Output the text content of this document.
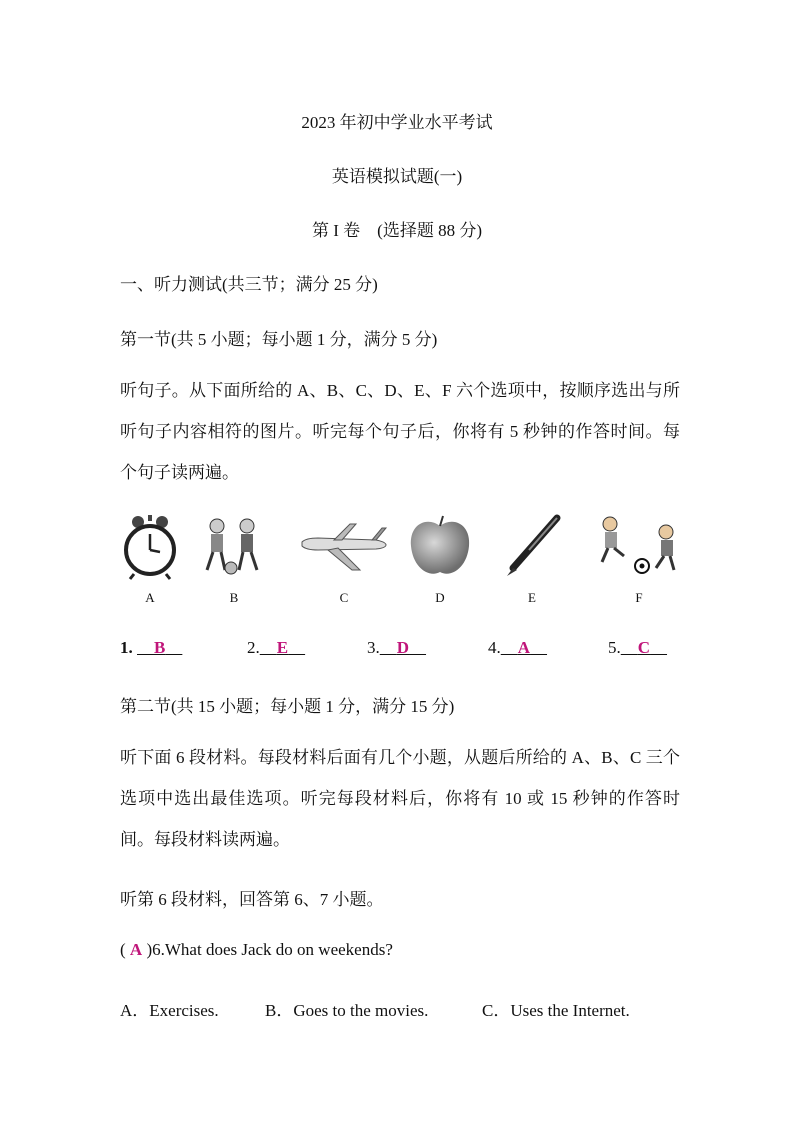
2023 年初中学业水平考试
英语模拟试题(一)
第 I 卷　(选择题 88 分)
一、听力测试(共三节；满分 25 分)
第一节(共 5 小题；每小题 1 分，满分 5 分)
听句子。从下面所给的 A、B、C、D、E、F 六个选项中，按顺序选出与所听句子内容相符的图片。听完每个句子后，你将有 5 秒钟的作答时间。每个句子读两遍。
A	B	C	D	E	F
1.    B  	2.   E  	3.   D  	4.   A  	5.   C  
第二节(共 15 小题；每小题 1 分，满分 15 分)
听下面 6 段材料。每段材料后面有几个小题，从题后所给的 A、B、C 三个选项中选出最佳选项。听完每段材料后，你将有 10 或 15 秒钟的作答时间。每段材料读两遍。
听第 6 段材料，回答第 6、7 小题。
( A )6.What does Jack do on weekends?
A．Exercises.	B．Goes to the movies.	C．Uses the Internet.
